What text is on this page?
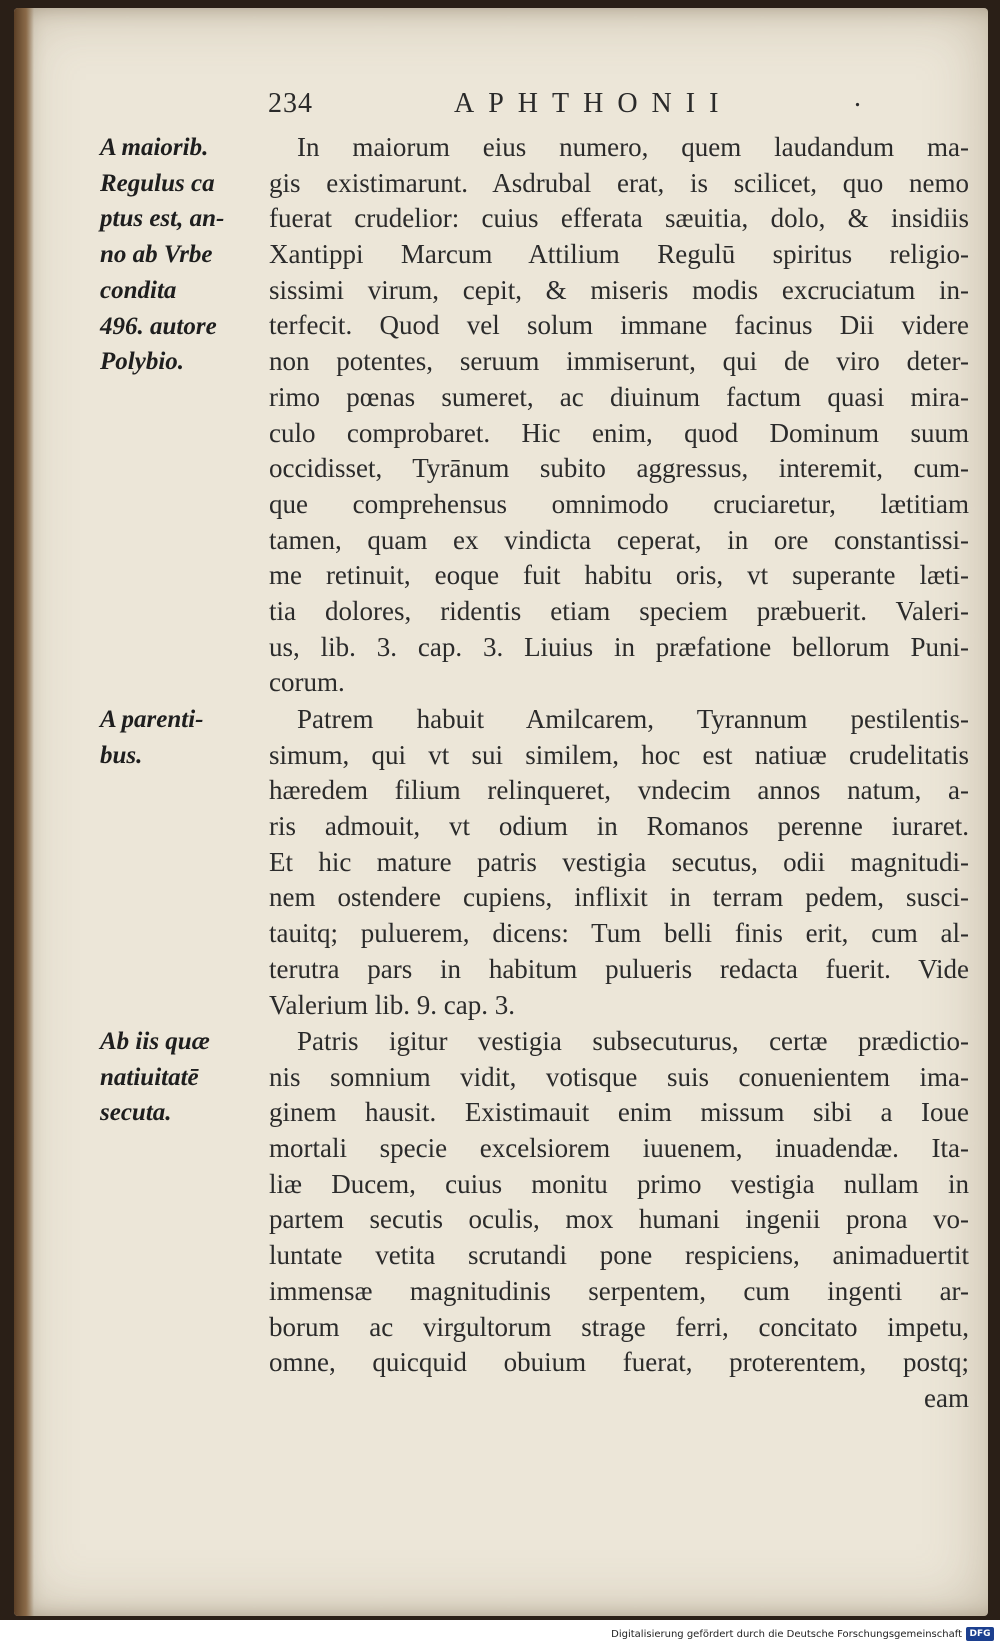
234	APHTHONII	.
A maiorib.
Regulus ca
ptus est, an-
no ab Vrbe
condita
496. autore
Polybio.
A parenti-
bus.
Ab iis quæ
natiuitatē
secuta.
In maiorum eius numero, quem laudandum ma-
gis existimarunt. Asdrubal erat, is scilicet, quo nemo
fuerat crudelior: cuius efferata sæuitia, dolo, & insidiis
Xantippi Marcum Attilium Regulū spiritus religio-
sissimi virum, cepit, & miseris modis excruciatum in-
terfecit. Quod vel solum immane facinus Dii videre
non potentes, seruum immiserunt, qui de viro deter-
rimo pœnas sumeret, ac diuinum factum quasi mira-
culo comprobaret. Hic enim, quod Dominum suum
occidisset, Tyrānum subito aggressus, interemit, cum-
que comprehensus omnimodo cruciaretur, lætitiam
tamen, quam ex vindicta ceperat, in ore constantissi-
me retinuit, eoque fuit habitu oris, vt superante læti-
tia dolores, ridentis etiam speciem præbuerit. Valeri-
us, lib. 3. cap. 3. Liuius in præfatione bellorum Puni-
corum.
Patrem habuit Amilcarem, Tyrannum pestilentis-
simum, qui vt sui similem, hoc est natiuæ crudelitatis
hæredem filium relinqueret, vndecim annos natum, a-
ris admouit, vt odium in Romanos perenne iuraret.
Et hic mature patris vestigia secutus, odii magnitudi-
nem ostendere cupiens, inflixit in terram pedem, susci-
tauitq; puluerem, dicens: Tum belli finis erit, cum al-
terutra pars in habitum pulueris redacta fuerit. Vide
Valerium lib. 9. cap. 3.
Patris igitur vestigia subsecuturus, certæ prædictio-
nis somnium vidit, votisque suis conuenientem ima-
ginem hausit. Existimauit enim missum sibi a Ioue
mortali specie excelsiorem iuuenem, inuadendæ. Ita-
liæ Ducem, cuius monitu primo vestigia nullam in
partem secutis oculis, mox humani ingenii prona vo-
luntate vetita scrutandi pone respiciens, animaduertit
immensæ magnitudinis serpentem, cum ingenti ar-
borum ac virgultorum strage ferri, concitato impetu,
omne, quicquid obuium fuerat, proterentem, postq;
eam
Digitalisierung gefördert durch die Deutsche Forschungsgemeinschaft DFG
